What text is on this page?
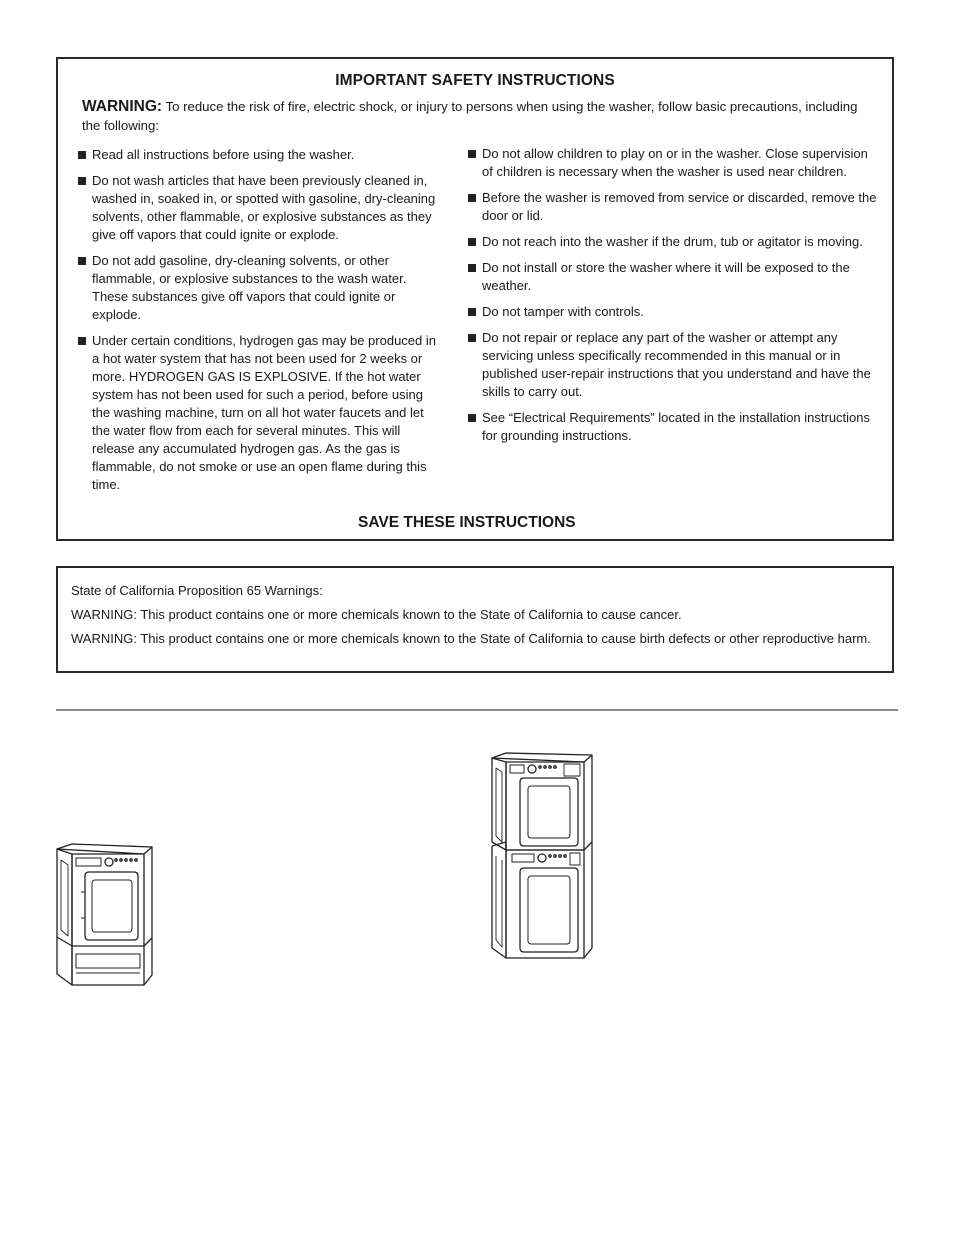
IMPORTANT SAFETY INSTRUCTIONS
WARNING: To reduce the risk of fire, electric shock, or injury to persons when using the washer, follow basic precautions, including the following:
Read all instructions before using the washer.
Do not wash articles that have been previously cleaned in, washed in, soaked in, or spotted with gasoline, dry-cleaning solvents, other flammable, or explosive substances as they give off vapors that could ignite or explode.
Do not add gasoline, dry-cleaning solvents, or other flammable, or explosive substances to the wash water. These substances give off vapors that could ignite or explode.
Under certain conditions, hydrogen gas may be produced in a hot water system that has not been used for 2 weeks or more. HYDROGEN GAS IS EXPLOSIVE. If the hot water system has not been used for such a period, before using the washing machine, turn on all hot water faucets and let the water flow from each for several minutes. This will release any accumulated hydrogen gas. As the gas is flammable, do not smoke or use an open flame during this time.
Do not allow children to play on or in the washer. Close supervision of children is necessary when the washer is used near children.
Before the washer is removed from service or discarded, remove the door or lid.
Do not reach into the washer if the drum, tub or agitator is moving.
Do not install or store the washer where it will be exposed to the weather.
Do not tamper with controls.
Do not repair or replace any part of the washer or attempt any servicing unless specifically recommended in this manual or in published user-repair instructions that you understand and have the skills to carry out.
See “Electrical Requirements” located in the installation instructions for grounding instructions.
SAVE THESE INSTRUCTIONS

State of California Proposition 65 Warnings:

WARNING: This product contains one or more chemicals known to the State of California to cause cancer.

WARNING: This product contains one or more chemicals known to the State of California to cause birth defects or other reproductive harm.
